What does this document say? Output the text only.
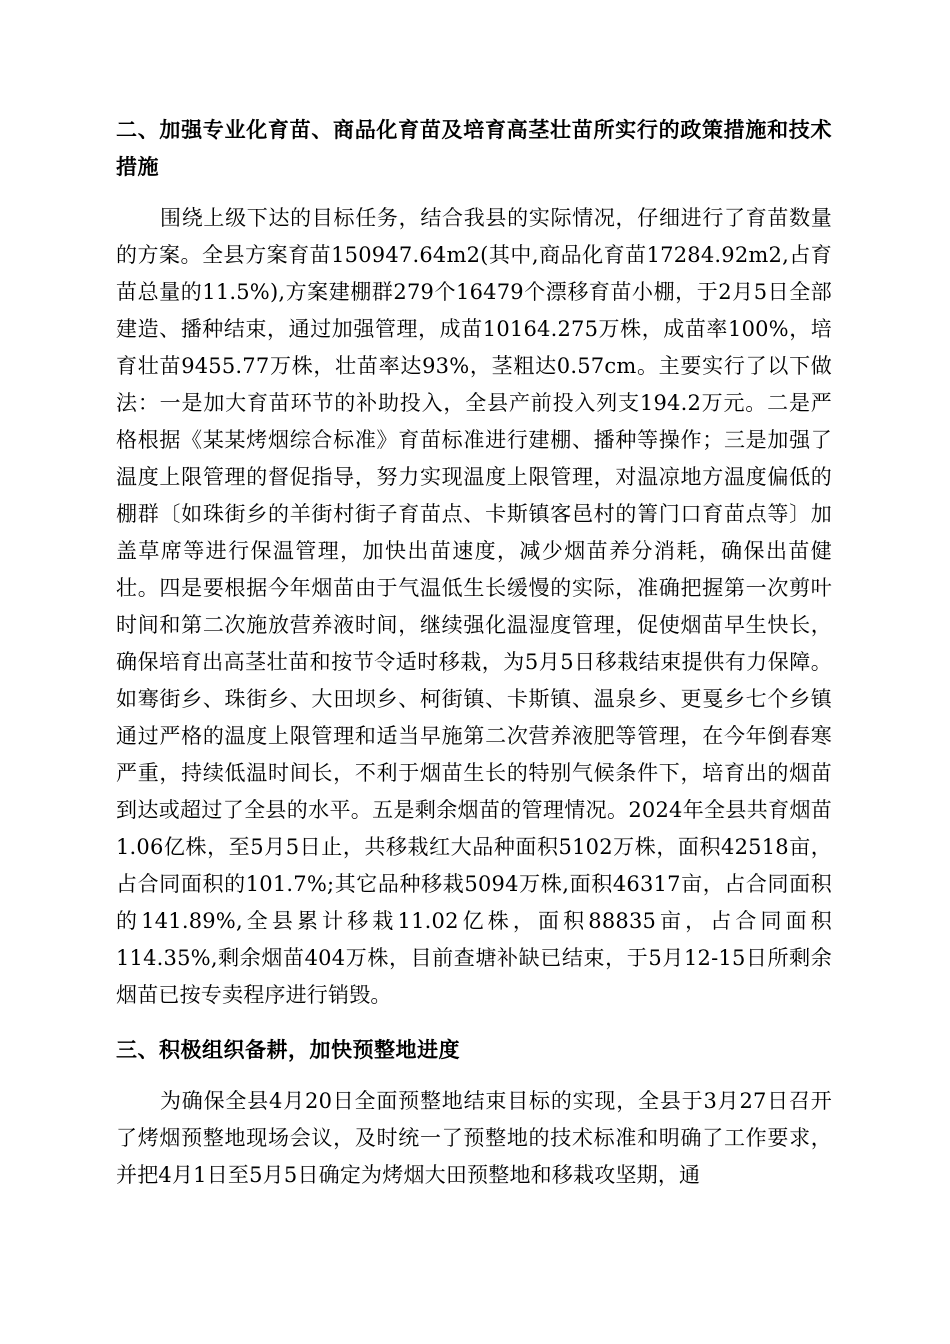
二、加强专业化育苗、商品化育苗及培育高茎壮苗所实行的政策措施和技术措施

围绕上级下达的目标任务，结合我县的实际情况，仔细进行了育苗数量的方案。全县方案育苗150947.64m2(其中,商品化育苗17284.92m2,占育苗总量的11.5%),方案建棚群279个16479个漂移育苗小棚，于2月5日全部建造、播种结束，通过加强管理，成苗10164.275万株，成苗率100%，培育壮苗9455.77万株，壮苗率达93%，茎粗达0.57cm。主要实行了以下做法：一是加大育苗环节的补助投入，全县产前投入列支194.2万元。二是严格根据《某某烤烟综合标准》育苗标准进行建棚、播种等操作；三是加强了温度上限管理的督促指导，努力实现温度上限管理，对温凉地方温度偏低的棚群〔如珠街乡的羊街村街子育苗点、卡斯镇客邑村的箐门口育苗点等〕加盖草席等进行保温管理，加快出苗速度，减少烟苗养分消耗，确保出苗健壮。四是要根据今年烟苗由于气温低生长缓慢的实际，准确把握第一次剪叶时间和第二次施放营养液时间，继续强化温湿度管理，促使烟苗早生快长，确保培育出高茎壮苗和按节令适时移栽，为5月5日移栽结束提供有力保障。如骞街乡、珠街乡、大田坝乡、柯街镇、卡斯镇、温泉乡、更戛乡七个乡镇通过严格的温度上限管理和适当早施第二次营养液肥等管理，在今年倒春寒严重，持续低温时间长，不利于烟苗生长的特别气候条件下，培育出的烟苗到达或超过了全县的水平。五是剩余烟苗的管理情况。2024年全县共育烟苗1.06亿株，至5月5日止，共移栽红大品种面积5102万株，面积42518亩，占合同面积的101.7%;其它品种移栽5094万株,面积46317亩，占合同面积的141.89%,全县累计移栽11.02亿株，面积88835亩，占合同面积114.35%,剩余烟苗404万株，目前查塘补缺已结束，于5月12-15日所剩余烟苗已按专卖程序进行销毁。

三、积极组织备耕，加快预整地进度

为确保全县4月20日全面预整地结束目标的实现，全县于3月27日召开了烤烟预整地现场会议，及时统一了预整地的技术标准和明确了工作要求，并把4月1日至5月5日确定为烤烟大田预整地和移栽攻坚期，通
